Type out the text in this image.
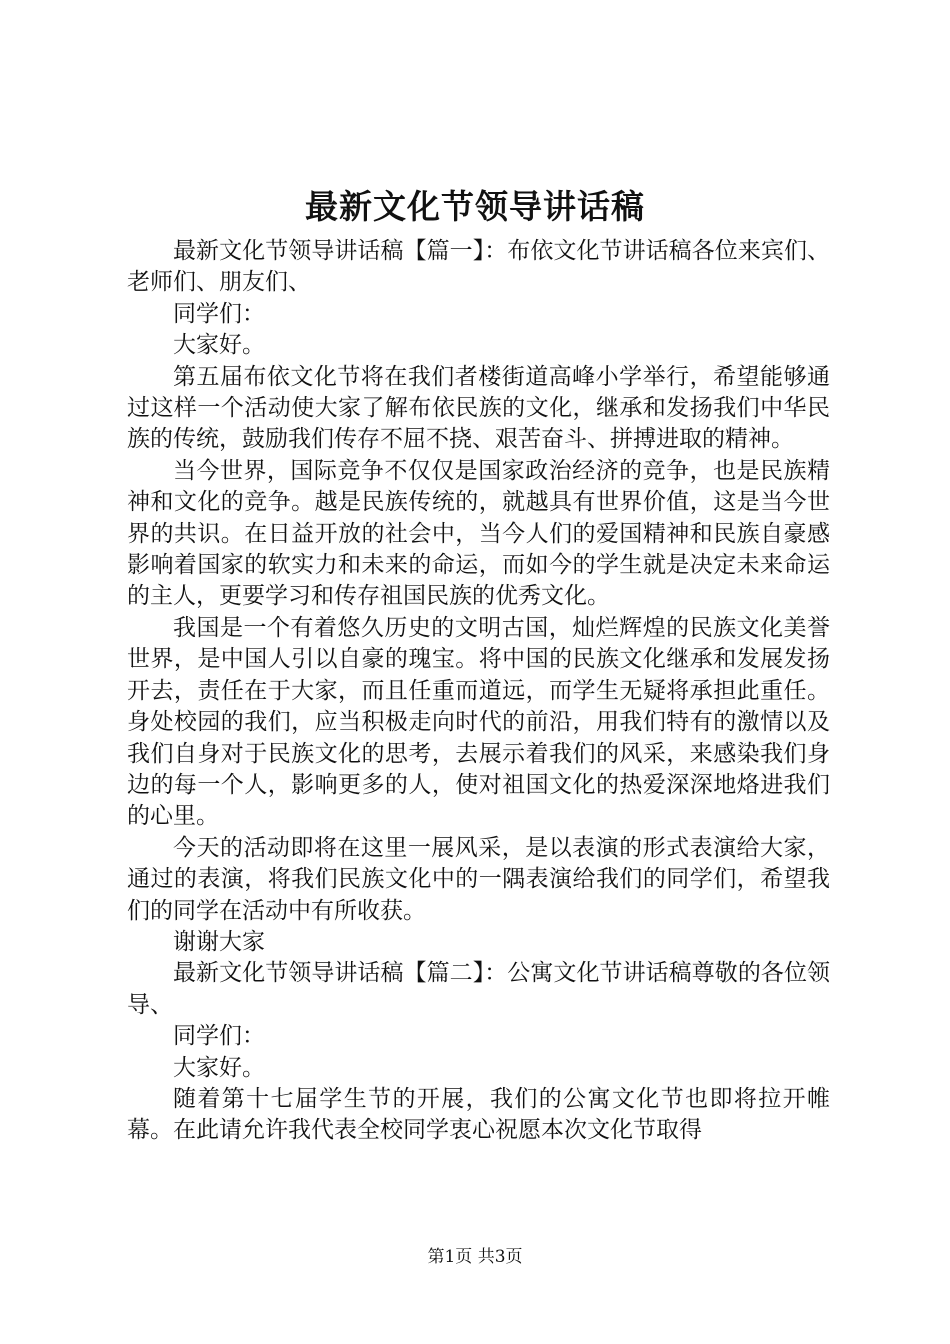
最新文化节领导讲话稿

最新文化节领导讲话稿【篇一】：布依文化节讲话稿各位来宾们、老师们、朋友们、

同学们：

大家好。

第五届布依文化节将在我们者楼街道高峰小学举行，希望能够通过这样一个活动使大家了解布依民族的文化，继承和发扬我们中华民族的传统，鼓励我们传存不屈不挠、艰苦奋斗、拼搏进取的精神。

当今世界，国际竞争不仅仅是国家政治经济的竞争，也是民族精神和文化的竞争。越是民族传统的，就越具有世界价值，这是当今世界的共识。在日益开放的社会中，当今人们的爱国精神和民族自豪感影响着国家的软实力和未来的命运，而如今的学生就是决定未来命运的主人，更要学习和传存祖国民族的优秀文化。

我国是一个有着悠久历史的文明古国，灿烂辉煌的民族文化美誉世界，是中国人引以自豪的瑰宝。将中国的民族文化继承和发展发扬开去，责任在于大家，而且任重而道远，而学生无疑将承担此重任。身处校园的我们，应当积极走向时代的前沿，用我们特有的激情以及我们自身对于民族文化的思考，去展示着我们的风采，来感染我们身边的每一个人，影响更多的人，使对祖国文化的热爱深深地烙进我们的心里。

今天的活动即将在这里一展风采，是以表演的形式表演给大家，通过的表演，将我们民族文化中的一隅表演给我们的同学们，希望我们的同学在活动中有所收获。

谢谢大家

最新文化节领导讲话稿【篇二】：公寓文化节讲话稿尊敬的各位领导、

同学们：

大家好。

随着第十七届学生节的开展，我们的公寓文化节也即将拉开帷幕。在此请允许我代表全校同学衷心祝愿本次文化节取得

第1页 共3页
